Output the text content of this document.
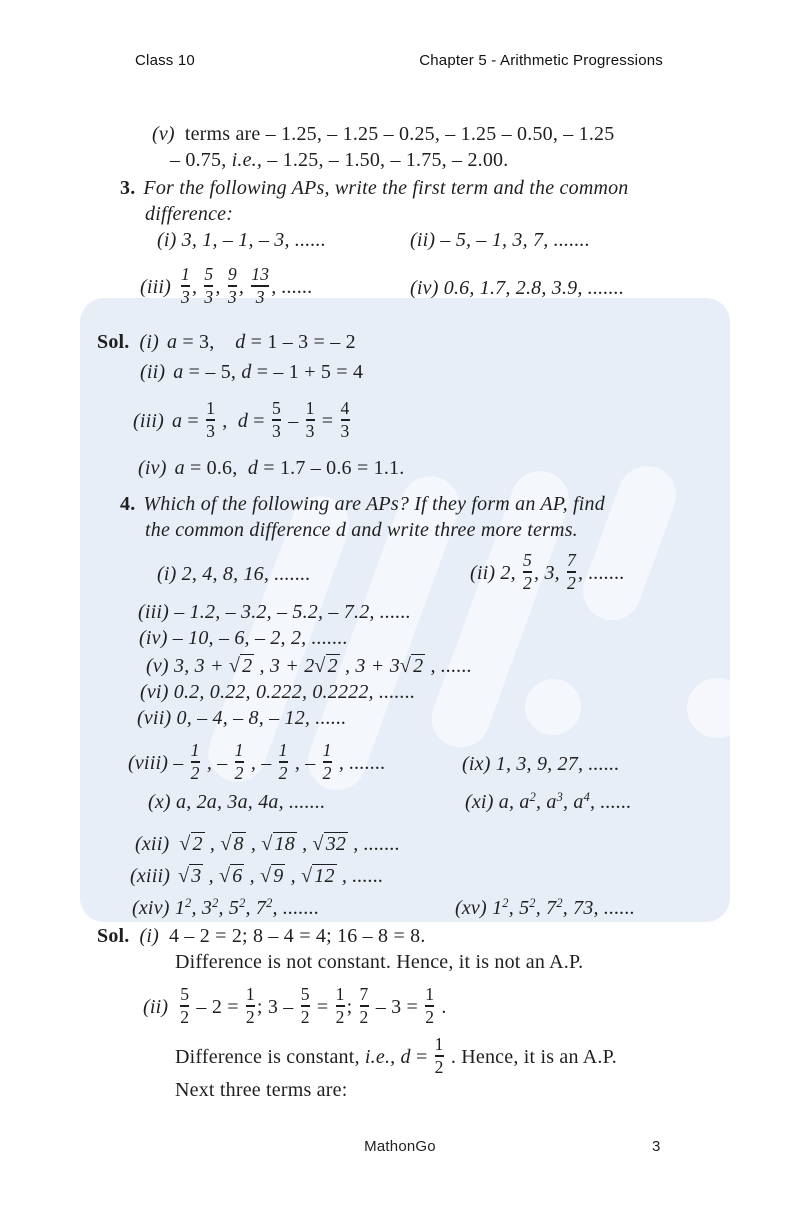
Class 10	Chapter 5 - Arithmetic Progressions
(v) terms are – 1.25, – 1.25 – 0.25, – 1.25 – 0.50, – 1.25
– 0.75, i.e., – 1.25, – 1.50, – 1.75, – 2.00.
3. For the following APs, write the first term and the common
difference:
(i) 3, 1, – 1, – 3, ......	(ii) – 5, – 1, 3, 7, .......
$(iii) \frac{1}{3}$ , $\frac{5}{3}$ , $\frac{9}{3}$ , $\frac{13}{3}$ , ......	(iv) 0.6, 1.7, 2.8, 3.9, .......
Sol. (i) a = 3,    d = 1 – 3 = – 2
(ii) a = – 5, d = – 1 + 5 = 4
(iii) $a = \frac{1}{3}$ ,  $d = \frac{5}{3} - \frac{1}{3} = \frac{4}{3}$
(iv) a = 0.6,  d = 1.7 – 0.6 = 1.1.
4. Which of the following are APs? If they form an AP, find
the common difference d and write three more terms.
(i) 2, 4, 8, 16, .......	(ii) 2, $\frac{5}{2}$ , 3, $\frac{7}{2}$ , .......
(iii) – 1.2, – 3.2, – 5.2, – 7.2, ......
(iv) – 10, – 6, – 2, 2, .......
(v) 3, 3 + √ 2 , 3 + 2√ 2 , 3 + 3√ 2 , ......
(vi) 0.2, 0.22, 0.222, 0.2222, .......
(vii) 0, – 4, – 8, – 12, ......
(viii) – $\frac{1}{2}$ , – $\frac{1}{2}$ , – $\frac{1}{2}$ , – $\frac{1}{2}$ , .......	(ix) 1, 3, 9, 27, ......
(x) a, 2a, 3a, 4a, .......	(xi) a, $a^2$, $a^3$, $a^4$, ......
(xii) √ 2 , √ 8 , √ 18 , √ 32 , .......
(xiii) √ 3 , √ 6 , √ 9 , √ 12 , ......
(xiv) $1^2$, $3^2$, $5^2$, $7^2$, .......	(xv) $1^2$, $5^2$, $7^2$, 73, ......
Sol. (i) 4 – 2 = 2; 8 – 4 = 4; 16 – 8 = 8.
Difference is not constant. Hence, it is not an A.P.
$(ii) \frac{5}{2} - 2 = \frac{1}{2}$ ; $3 - \frac{5}{2} = \frac{1}{2}$ ; $\frac{7}{2} - 3 = \frac{1}{2}$ .
Difference is constant, i.e., $d = \frac{1}{2}$ . Hence, it is an A.P.
Next three terms are:
MathonGo	3
